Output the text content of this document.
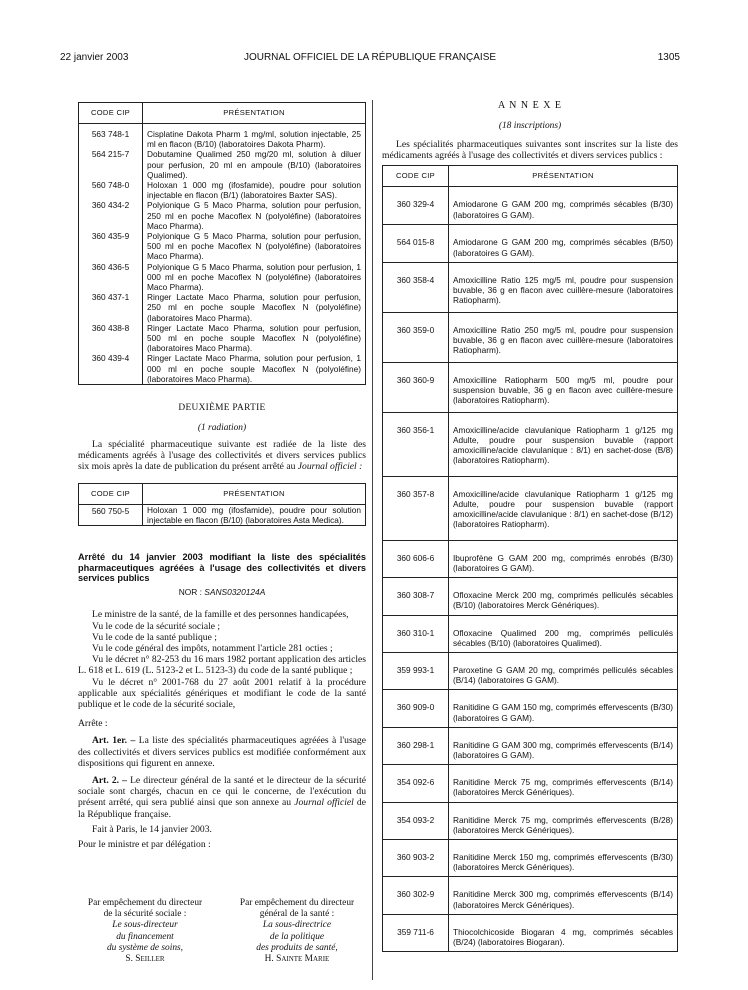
22 janvier 2003	JOURNAL OFFICIEL DE LA RÉPUBLIQUE FRANÇAISE	1305
CODE CIP	PRÉSENTATION
563 748-1	Cisplatine Dakota Pharm 1 mg/ml, solution injectable, 25 ml en flacon (B/10) (laboratoires Dakota Pharm).
564 215-7	Dobutamine Qualimed 250 mg/20 ml, solution à diluer pour perfusion, 20 ml en ampoule (B/10) (laboratoires Qualimed).
560 748-0	Holoxan 1 000 mg (ifosfamide), poudre pour solution injectable en flacon (B/1) (laboratoires Baxter SAS).
360 434-2	Polyionique G 5 Maco Pharma, solution pour perfusion, 250 ml en poche Macoflex N (polyoléfine) (laboratoires Maco Pharma).
360 435-9	Polyionique G 5 Maco Pharma, solution pour perfusion, 500 ml en poche Macoflex N (polyoléfine) (laboratoires Maco Pharma).
360 436-5	Polyionique G 5 Maco Pharma, solution pour perfusion, 1 000 ml en poche Macoflex N (polyoléfine) (laboratoires Maco Pharma).
360 437-1	Ringer Lactate Maco Pharma, solution pour perfusion, 250 ml en poche souple Macoflex N (polyoléfine) (laboratoires Maco Pharma).
360 438-8	Ringer Lactate Maco Pharma, solution pour perfusion, 500 ml en poche souple Macoflex N (polyoléfine) (laboratoires Maco Pharma).
360 439-4	Ringer Lactate Maco Pharma, solution pour perfusion, 1 000 ml en poche souple Macoflex N (polyoléfine) (laboratoires Maco Pharma).
DEUXIÈME PARTIE
(1 radiation)
La spécialité pharmaceutique suivante est radiée de la liste des médicaments agréés à l'usage des collectivités et divers services publics six mois après la date de publication du présent arrêté au Journal officiel :
CODE CIP	PRÉSENTATION
560 750-5	Holoxan 1 000 mg (ifosfamide), poudre pour solution injectable en flacon (B/10) (laboratoires Asta Medica).
Arrêté du 14 janvier 2003 modifiant la liste des spécialités pharmaceutiques agréées à l'usage des collectivités et divers services publics
NOR : SANS0320124A
Le ministre de la santé, de la famille et des personnes handicapées,
Vu le code de la sécurité sociale ;
Vu le code de la santé publique ;
Vu le code général des impôts, notamment l'article 281 octies ;
Vu le décret n° 82-253 du 16 mars 1982 portant application des articles L. 618 et L. 619 (L. 5123-2 et L. 5123-3) du code de la santé publique ;
Vu le décret n° 2001-768 du 27 août 2001 relatif à la procédure applicable aux spécialités génériques et modifiant le code de la santé publique et le code de la sécurité sociale,
Arrête :
Art. 1er. – La liste des spécialités pharmaceutiques agréées à l'usage des collectivités et divers services publics est modifiée conformément aux dispositions qui figurent en annexe.
Art. 2. – Le directeur général de la santé et le directeur de la sécurité sociale sont chargés, chacun en ce qui le concerne, de l'exécution du présent arrêté, qui sera publié ainsi que son annexe au Journal officiel de la République française.
Fait à Paris, le 14 janvier 2003.
Pour le ministre et par délégation :
Par empêchement du directeur
de la sécurité sociale :
Le sous-directeur
du financement
du système de soins,
S. Seiller
Par empêchement du directeur
général de la santé :
La sous-directrice
de la politique
des produits de santé,
H. Sainte Marie
A N N E X E
(18 inscriptions)
Les spécialités pharmaceutiques suivantes sont inscrites sur la liste des médicaments agréés à l'usage des collectivités et divers services publics :
CODE CIP	PRÉSENTATION
360 329-4	Amiodarone G GAM 200 mg, comprimés sécables (B/30) (laboratoires G GAM).
564 015-8	Amiodarone G GAM 200 mg, comprimés sécables (B/50) (laboratoires G GAM).
360 358-4	Amoxicilline Ratio 125 mg/5 ml, poudre pour suspension buvable, 36 g en flacon avec cuillère-mesure (laboratoires Ratiopharm).
360 359-0	Amoxicilline Ratio 250 mg/5 ml, poudre pour suspension buvable, 36 g en flacon avec cuillère-mesure (laboratoires Ratiopharm).
360 360-9	Amoxicilline Ratiopharm 500 mg/5 ml, poudre pour suspension buvable, 36 g en flacon avec cuillère-mesure (laboratoires Ratiopharm).
360 356-1	Amoxicilline/acide clavulanique Ratiopharm 1 g/125 mg Adulte, poudre pour suspension buvable (rapport amoxicilline/acide clavulanique : 8/1) en sachet-dose (B/8) (laboratoires Ratiopharm).
360 357-8	Amoxicilline/acide clavulanique Ratiopharm 1 g/125 mg Adulte, poudre pour suspension buvable (rapport amoxicilline/acide clavulanique : 8/1) en sachet-dose (B/12) (laboratoires Ratiopharm).
360 606-6	Ibuprofène G GAM 200 mg, comprimés enrobés (B/30) (laboratoires G GAM).
360 308-7	Ofloxacine Merck 200 mg, comprimés pelliculés sécables (B/10) (laboratoires Merck Génériques).
360 310-1	Ofloxacine Qualimed 200 mg, comprimés pelliculés sécables (B/10) (laboratoires Qualimed).
359 993-1	Paroxetine G GAM 20 mg, comprimés pelliculés sécables (B/14) (laboratoires G GAM).
360 909-0	Ranitidine G GAM 150 mg, comprimés effervescents (B/30) (laboratoires G GAM).
360 298-1	Ranitidine G GAM 300 mg, comprimés effervescents (B/14) (laboratoires G GAM).
354 092-6	Ranitidine Merck 75 mg, comprimés effervescents (B/14) (laboratoires Merck Génériques).
354 093-2	Ranitidine Merck 75 mg, comprimés effervescents (B/28) (laboratoires Merck Génériques).
360 903-2	Ranitidine Merck 150 mg, comprimés effervescents (B/30) (laboratoires Merck Génériques).
360 302-9	Ranitidine Merck 300 mg, comprimés effervescents (B/14) (laboratoires Merck Génériques).
359 711-6	Thiocolchicoside Biogaran 4 mg, comprimés sécables (B/24) (laboratoires Biogaran).
